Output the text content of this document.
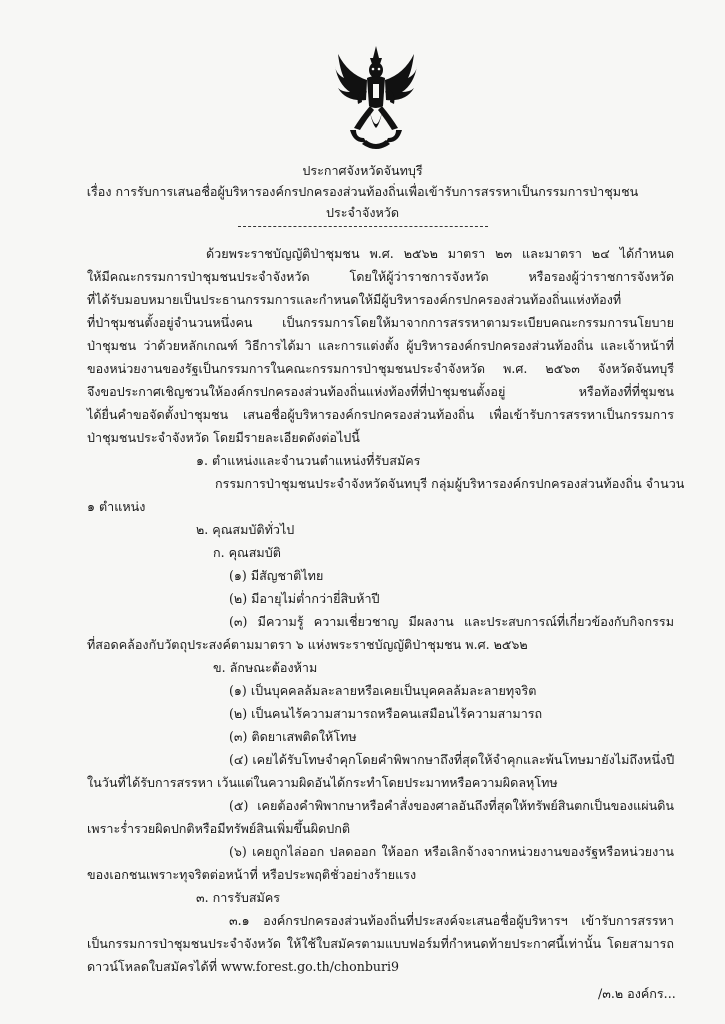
ประกาศจังหวัดจันทบุรี
เรื่อง การรับการเสนอชื่อผู้บริหารองค์กรปกครองส่วนท้องถิ่นเพื่อเข้ารับการสรรหาเป็นกรรมการป่าชุมชน
ประจำจังหวัด
ด้วยพระราชบัญญัติป่าชุมชน พ.ศ. ๒๕๖๒ มาตรา ๒๓ และมาตรา ๒๔ ได้กำหนด
ให้มีคณะกรรมการป่าชุมชนประจำจังหวัด โดยให้ผู้ว่าราชการจังหวัด หรือรองผู้ว่าราชการจังหวัด
ที่ได้รับมอบหมายเป็นประธานกรรมการและกำหนดให้มีผู้บริหารองค์กรปกครองส่วนท้องถิ่นแห่งท้องที่
ที่ป่าชุมชนตั้งอยู่จำนวนหนึ่งคน เป็นกรรมการโดยให้มาจากการสรรหาตามระเบียบคณะกรรมการนโยบาย
ป่าชุมชน ว่าด้วยหลักเกณฑ์ วิธีการได้มา และการแต่งตั้ง ผู้บริหารองค์กรปกครองส่วนท้องถิ่น และเจ้าหน้าที่
ของหน่วยงานของรัฐเป็นกรรมการในคณะกรรมการป่าชุมชนประจำจังหวัด พ.ศ. ๒๕๖๓ จังหวัดจันทบุรี
จึงขอประกาศเชิญชวนให้องค์กรปกครองส่วนท้องถิ่นแห่งท้องที่ที่ป่าชุมชนตั้งอยู่ หรือท้องที่ที่ชุมชน
ได้ยื่นคำขอจัดตั้งป่าชุมชน เสนอชื่อผู้บริหารองค์กรปกครองส่วนท้องถิ่น เพื่อเข้ารับการสรรหาเป็นกรรมการ
ป่าชุมชนประจำจังหวัด โดยมีรายละเอียดดังต่อไปนี้
๑. ตำแหน่งและจำนวนตำแหน่งที่รับสมัคร
กรรมการป่าชุมชนประจำจังหวัดจันทบุรี กลุ่มผู้บริหารองค์กรปกครองส่วนท้องถิ่น จำนวน
๑ ตำแหน่ง
๒. คุณสมบัติทั่วไป
ก. คุณสมบัติ
(๑) มีสัญชาติไทย
(๒) มีอายุไม่ต่ำกว่ายี่สิบห้าปี
(๓) มีความรู้ ความเชี่ยวชาญ มีผลงาน และประสบการณ์ที่เกี่ยวข้องกับกิจกรรม
ที่สอดคล้องกับวัตถุประสงค์ตามมาตรา ๖ แห่งพระราชบัญญัติป่าชุมชน พ.ศ. ๒๕๖๒
ข. ลักษณะต้องห้าม
(๑) เป็นบุคคลล้มละลายหรือเคยเป็นบุคคลล้มละลายทุจริต
(๒) เป็นคนไร้ความสามารถหรือคนเสมือนไร้ความสามารถ
(๓) ติดยาเสพติดให้โทษ
(๔) เคยได้รับโทษจำคุกโดยคำพิพากษาถึงที่สุดให้จำคุกและพ้นโทษมายังไม่ถึงหนึ่งปี
ในวันที่ได้รับการสรรหา เว้นแต่ในความผิดอันได้กระทำโดยประมาทหรือความผิดลหุโทษ
(๕) เคยต้องคำพิพากษาหรือคำสั่งของศาลอันถึงที่สุดให้ทรัพย์สินตกเป็นของแผ่นดิน
เพราะร่ำรวยผิดปกติหรือมีทรัพย์สินเพิ่มขึ้นผิดปกติ
(๖) เคยถูกไล่ออก ปลดออก ให้ออก หรือเลิกจ้างจากหน่วยงานของรัฐหรือหน่วยงาน
ของเอกชนเพราะทุจริตต่อหน้าที่ หรือประพฤติชั่วอย่างร้ายแรง
๓. การรับสมัคร
๓.๑ องค์กรปกครองส่วนท้องถิ่นที่ประสงค์จะเสนอชื่อผู้บริหารฯ เข้ารับการสรรหา
เป็นกรรมการป่าชุมชนประจำจังหวัด ให้ใช้ใบสมัครตามแบบฟอร์มที่กำหนดท้ายประกาศนี้เท่านั้น โดยสามารถ
ดาวน์โหลดใบสมัครได้ที่ www.forest.go.th/chonburi9
/๓.๒ องค์กร...
